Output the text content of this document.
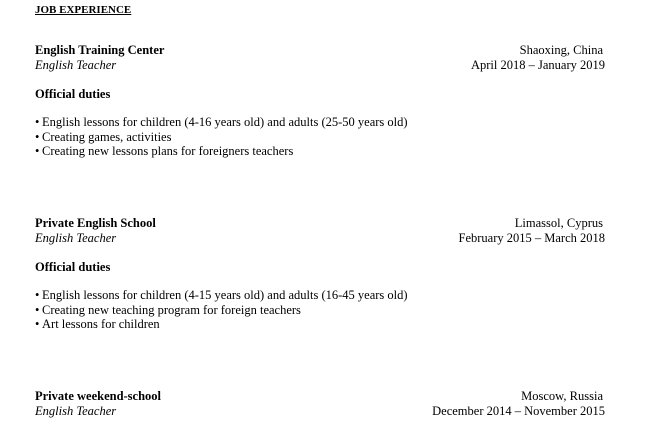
JOB EXPERIENCE
English Training Center	Shaoxing, China
English Teacher	April 2018 – January 2019
Official duties
• English lessons for children (4-16 years old) and adults (25-50 years old)
• Creating games, activities
• Creating new lessons plans for foreigners teachers
Private English School	Limassol, Cyprus
English Teacher	February 2015 – March 2018
Official duties
• English lessons for children (4-15 years old) and adults (16-45 years old)
• Creating new teaching program for foreign teachers
• Art lessons for children
Private weekend-school	Moscow, Russia
English Teacher	December 2014 – November 2015
